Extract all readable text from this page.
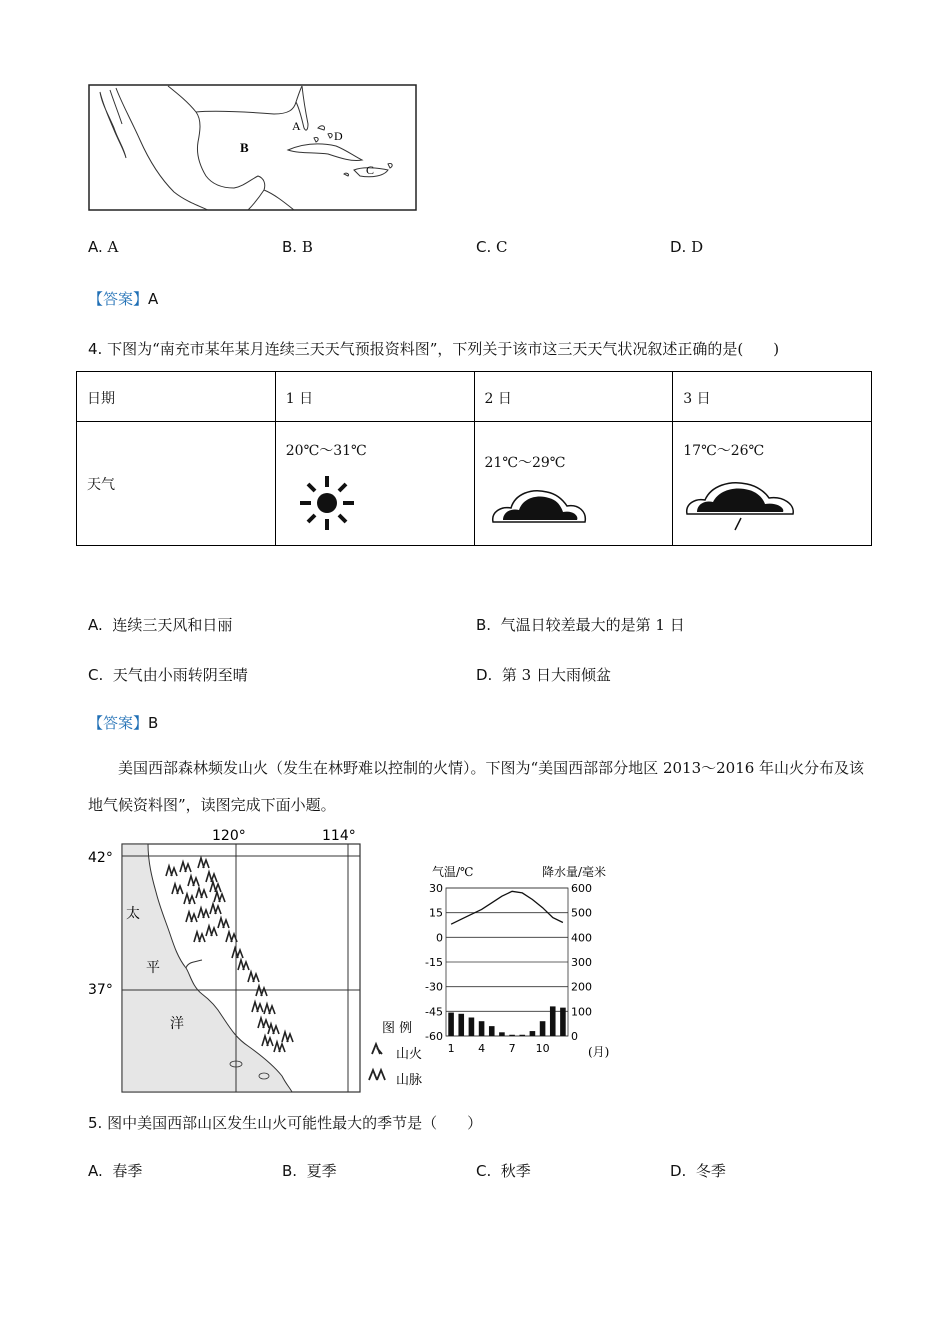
B
A
D
C
A. A	B. B	C. C	D. D
【答案】A
4. 下图为“南充市某年某月连续三天天气预报资料图”，下列关于该市这三天天气状况叙述正确的是(　　)
日期	1 日	2 日	3 日
天气	20℃～31℃	21℃～29℃	17℃～26℃
A. 连续三天风和日丽	B. 气温日较差最大的是第 1 日
C. 天气由小雨转阴至晴	D. 第 3 日大雨倾盆
【答案】B
美国西部森林频发山火（发生在林野难以控制的火情）。下图为“美国西部部分地区 2013～2016 年山火分布及该地气候资料图”，读图完成下面小题。
120°	114°
42°
37°
太
平
洋	图 例
山火
山脉
气温/℃	降水量/毫米
30
15
0
-15
-30
-45
-60
600
500
400
300
200
100
0
1 4 7 10	(月)
5. 图中美国西部山区发生山火可能性最大的季节是（　　）
A. 春季	B. 夏季	C. 秋季	D. 冬季
